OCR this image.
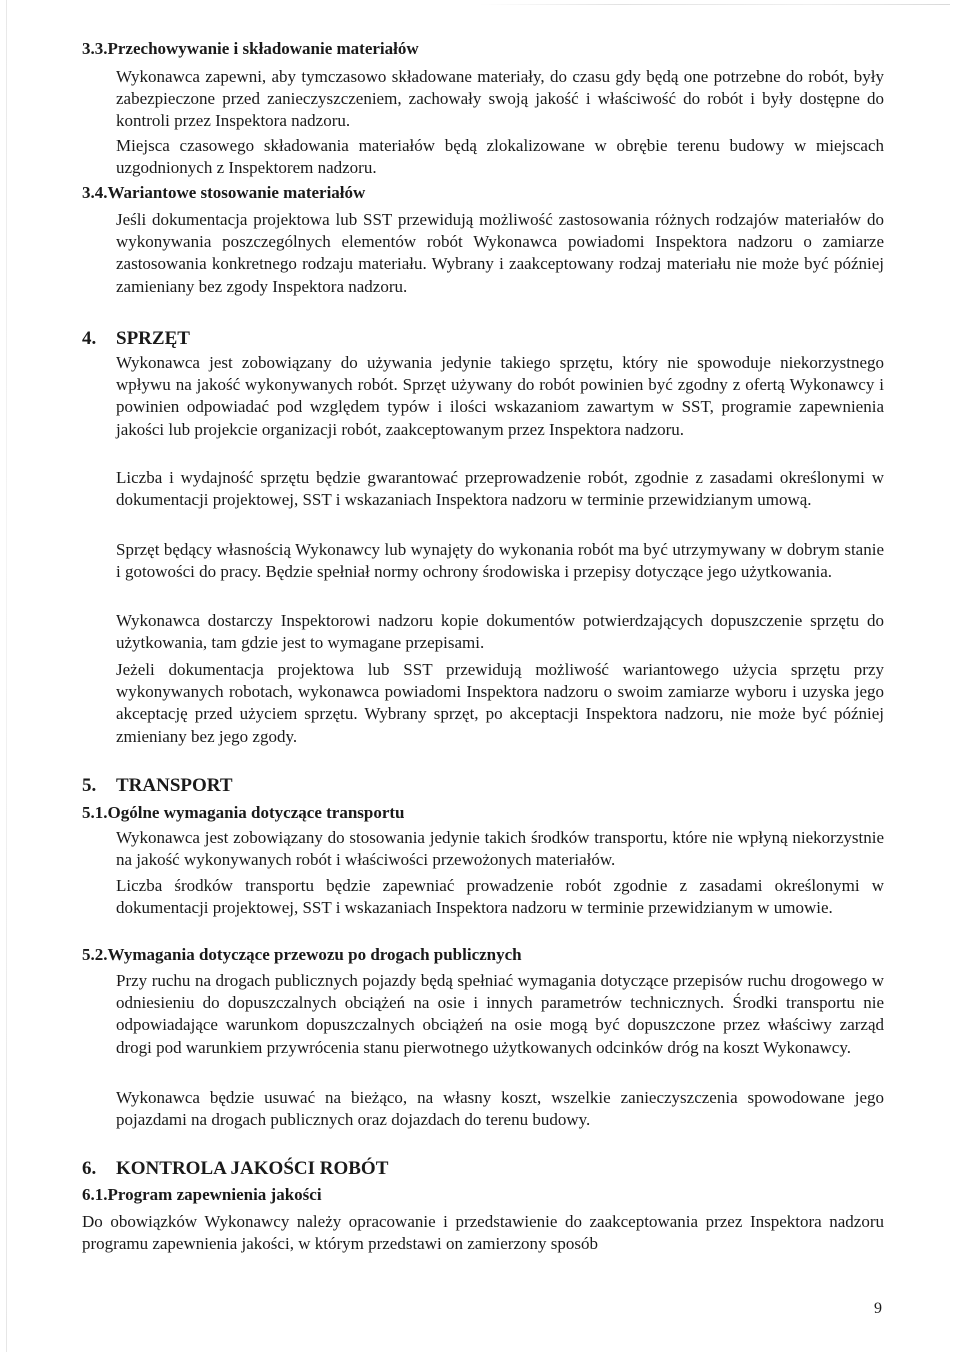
3.3.Przechowywanie i składowanie materiałów
Wykonawca zapewni, aby tymczasowo składowane materiały, do czasu gdy będą one potrzebne do robót, były zabezpieczone przed zanieczyszczeniem, zachowały swoją jakość i właściwość do robót i były dostępne do kontroli przez Inspektora nadzoru.
Miejsca czasowego składowania materiałów będą zlokalizowane w obrębie terenu budowy w miejscach uzgodnionych z Inspektorem nadzoru.
3.4.Wariantowe stosowanie materiałów
Jeśli dokumentacja projektowa lub SST przewidują możliwość zastosowania różnych rodzajów materiałów do wykonywania poszczególnych elementów robót Wykonawca powiadomi Inspektora nadzoru o zamiarze zastosowania konkretnego rodzaju materiału. Wybrany i zaakceptowany rodzaj materiału nie może być później zamieniany bez zgody Inspektora nadzoru.
4. SPRZĘT
Wykonawca jest zobowiązany do używania jedynie takiego sprzętu, który nie spowoduje niekorzystnego wpływu na jakość wykonywanych robót. Sprzęt używany do robót powinien być zgodny z ofertą Wykonawcy i powinien odpowiadać pod względem typów i ilości wskazaniom zawartym w SST, programie zapewnienia jakości lub projekcie organizacji robót, zaakceptowanym przez Inspektora nadzoru.
Liczba i wydajność sprzętu będzie gwarantować przeprowadzenie robót, zgodnie z zasadami określonymi w dokumentacji projektowej, SST i wskazaniach Inspektora nadzoru w terminie przewidzianym umową.
Sprzęt będący własnością Wykonawcy lub wynajęty do wykonania robót ma być utrzymywany w dobrym stanie i gotowości do pracy. Będzie spełniał normy ochrony środowiska i przepisy dotyczące jego użytkowania.
Wykonawca dostarczy Inspektorowi nadzoru kopie dokumentów potwierdzających dopuszczenie sprzętu do użytkowania, tam gdzie jest to wymagane przepisami.
Jeżeli dokumentacja projektowa lub SST przewidują możliwość wariantowego użycia sprzętu przy wykonywanych robotach, wykonawca powiadomi Inspektora nadzoru o swoim zamiarze wyboru i uzyska jego akceptację przed użyciem sprzętu. Wybrany sprzęt, po akceptacji Inspektora nadzoru, nie może być później zmieniany bez jego zgody.
5. TRANSPORT
5.1.Ogólne wymagania dotyczące transportu
Wykonawca jest zobowiązany do stosowania jedynie takich środków transportu, które nie wpłyną niekorzystnie na jakość wykonywanych robót i właściwości przewożonych materiałów.
Liczba środków transportu będzie zapewniać prowadzenie robót zgodnie z zasadami określonymi w dokumentacji projektowej, SST i wskazaniach Inspektora nadzoru w terminie przewidzianym w umowie.
5.2.Wymagania dotyczące przewozu po drogach publicznych
Przy ruchu na drogach publicznych pojazdy będą spełniać wymagania dotyczące przepisów ruchu drogowego w odniesieniu do dopuszczalnych obciążeń na osie i innych parametrów technicznych. Środki transportu nie odpowiadające warunkom dopuszczalnych obciążeń na osie mogą być dopuszczone przez właściwy zarząd drogi pod warunkiem przywrócenia stanu pierwotnego użytkowanych odcinków dróg na koszt Wykonawcy.
Wykonawca będzie usuwać na bieżąco, na własny koszt, wszelkie zanieczyszczenia spowodowane jego pojazdami na drogach publicznych oraz dojazdach do terenu budowy.
6. KONTROLA JAKOŚCI ROBÓT
6.1.Program zapewnienia jakości
Do obowiązków Wykonawcy należy opracowanie i przedstawienie do zaakceptowania przez Inspektora nadzoru programu zapewnienia jakości, w którym przedstawi on zamierzony sposób
9
